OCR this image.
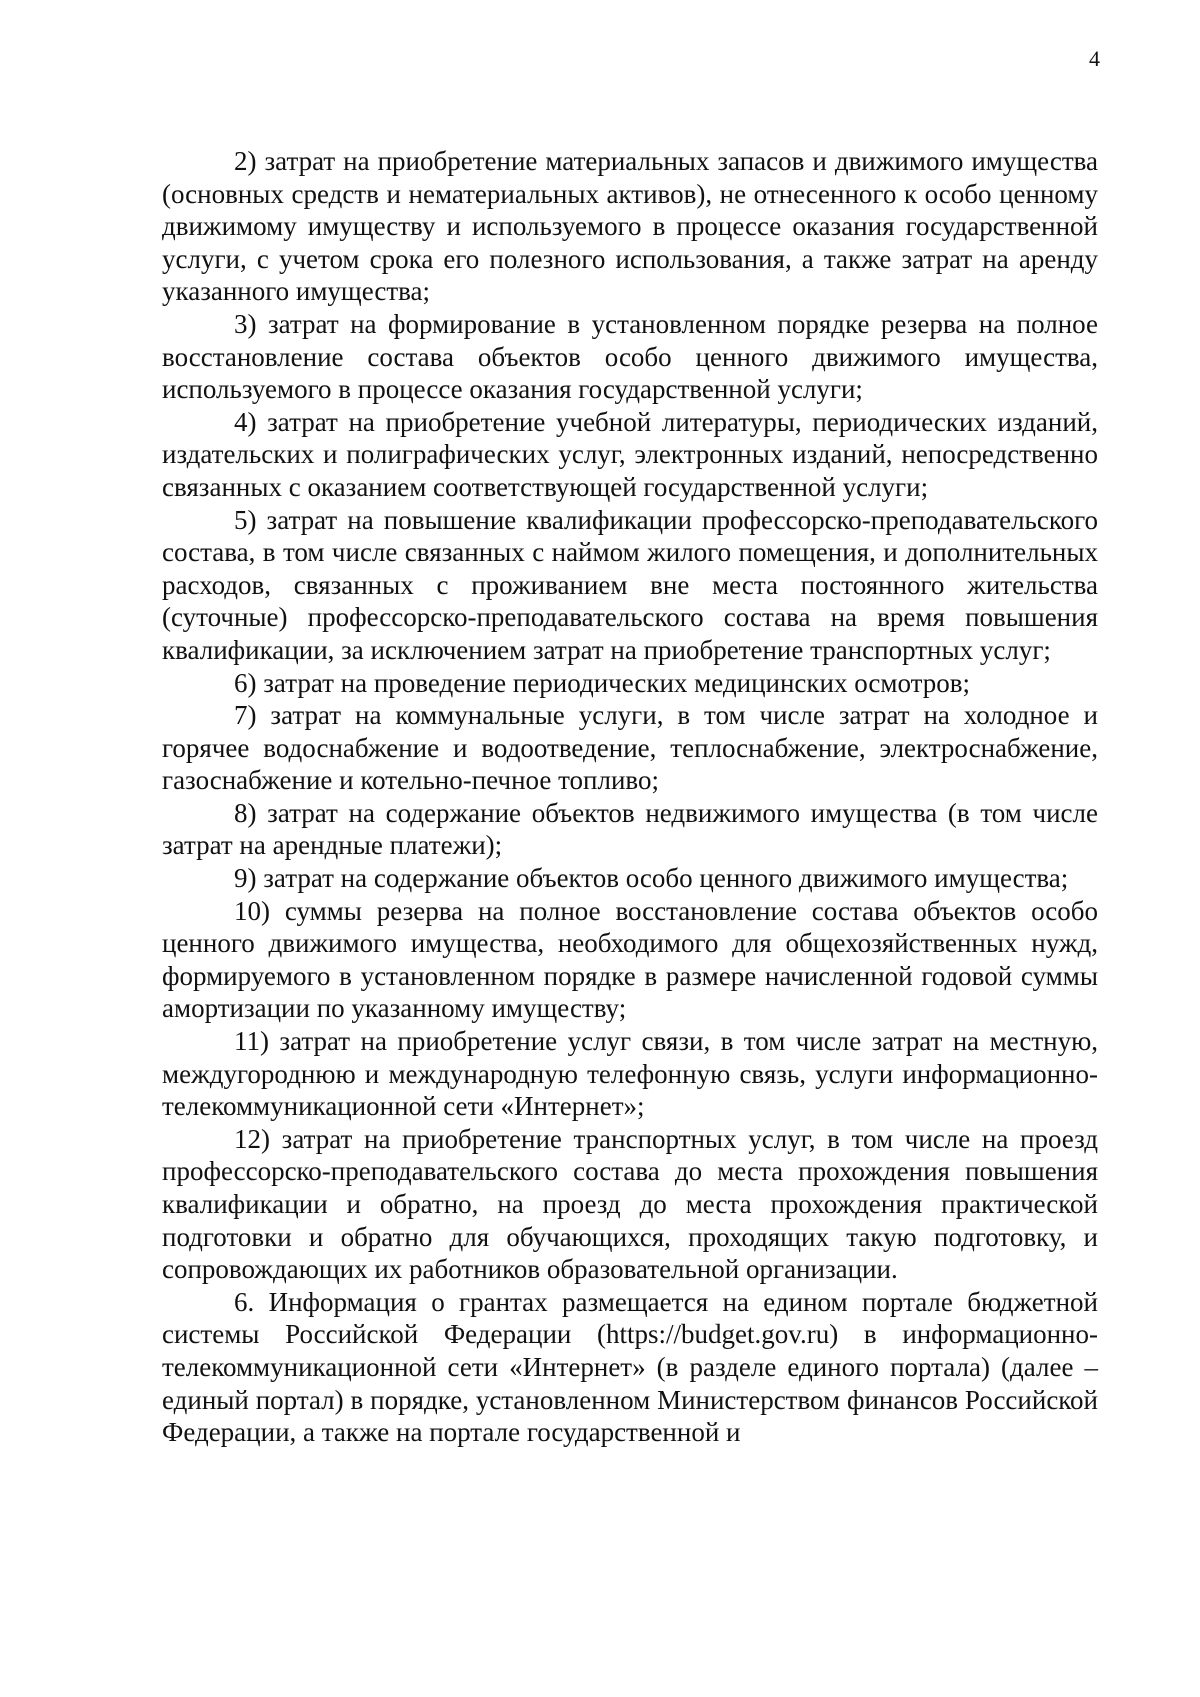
4

2) затрат на приобретение материальных запасов и движимого имущества (основных средств и нематериальных активов), не отнесенного к особо ценному движимому имуществу и используемого в процессе оказания государственной услуги, с учетом срока его полезного использования, а также затрат на аренду указанного имущества;

3) затрат на формирование в установленном порядке резерва на полное восстановление состава объектов особо ценного движимого имущества, используемого в процессе оказания государственной услуги;

4) затрат на приобретение учебной литературы, периодических изданий, издательских и полиграфических услуг, электронных изданий, непосредственно связанных с оказанием соответствующей государственной услуги;

5) затрат на повышение квалификации профессорско-преподавательского состава, в том числе связанных с наймом жилого помещения, и дополнительных расходов, связанных с проживанием вне места постоянного жительства (суточные) профессорско-преподавательского состава на время повышения квалификации, за исключением затрат на приобретение транспортных услуг;

6) затрат на проведение периодических медицинских осмотров;

7) затрат на коммунальные услуги, в том числе затрат на холодное и горячее водоснабжение и водоотведение, теплоснабжение, электроснабжение, газоснабжение и котельно-печное топливо;

8) затрат на содержание объектов недвижимого имущества (в том числе затрат на арендные платежи);

9) затрат на содержание объектов особо ценного движимого имущества;

10) суммы резерва на полное восстановление состава объектов особо ценного движимого имущества, необходимого для общехозяйственных нужд, формируемого в установленном порядке в размере начисленной годовой суммы амортизации по указанному имуществу;

11) затрат на приобретение услуг связи, в том числе затрат на местную, междугороднюю и международную телефонную связь, услуги информационно-телекоммуникационной сети «Интернет»;

12) затрат на приобретение транспортных услуг, в том числе на проезд профессорско-преподавательского состава до места прохождения повышения квалификации и обратно, на проезд до места прохождения практической подготовки и обратно для обучающихся, проходящих такую подготовку, и сопровождающих их работников образовательной организации.

6. Информация о грантах размещается на едином портале бюджетной системы Российской Федерации (https://budget.gov.ru) в информационно-телекоммуникационной сети «Интернет» (в разделе единого портала) (далее – единый портал) в порядке, установленном Министерством финансов Российской Федерации, а также на портале государственной и
